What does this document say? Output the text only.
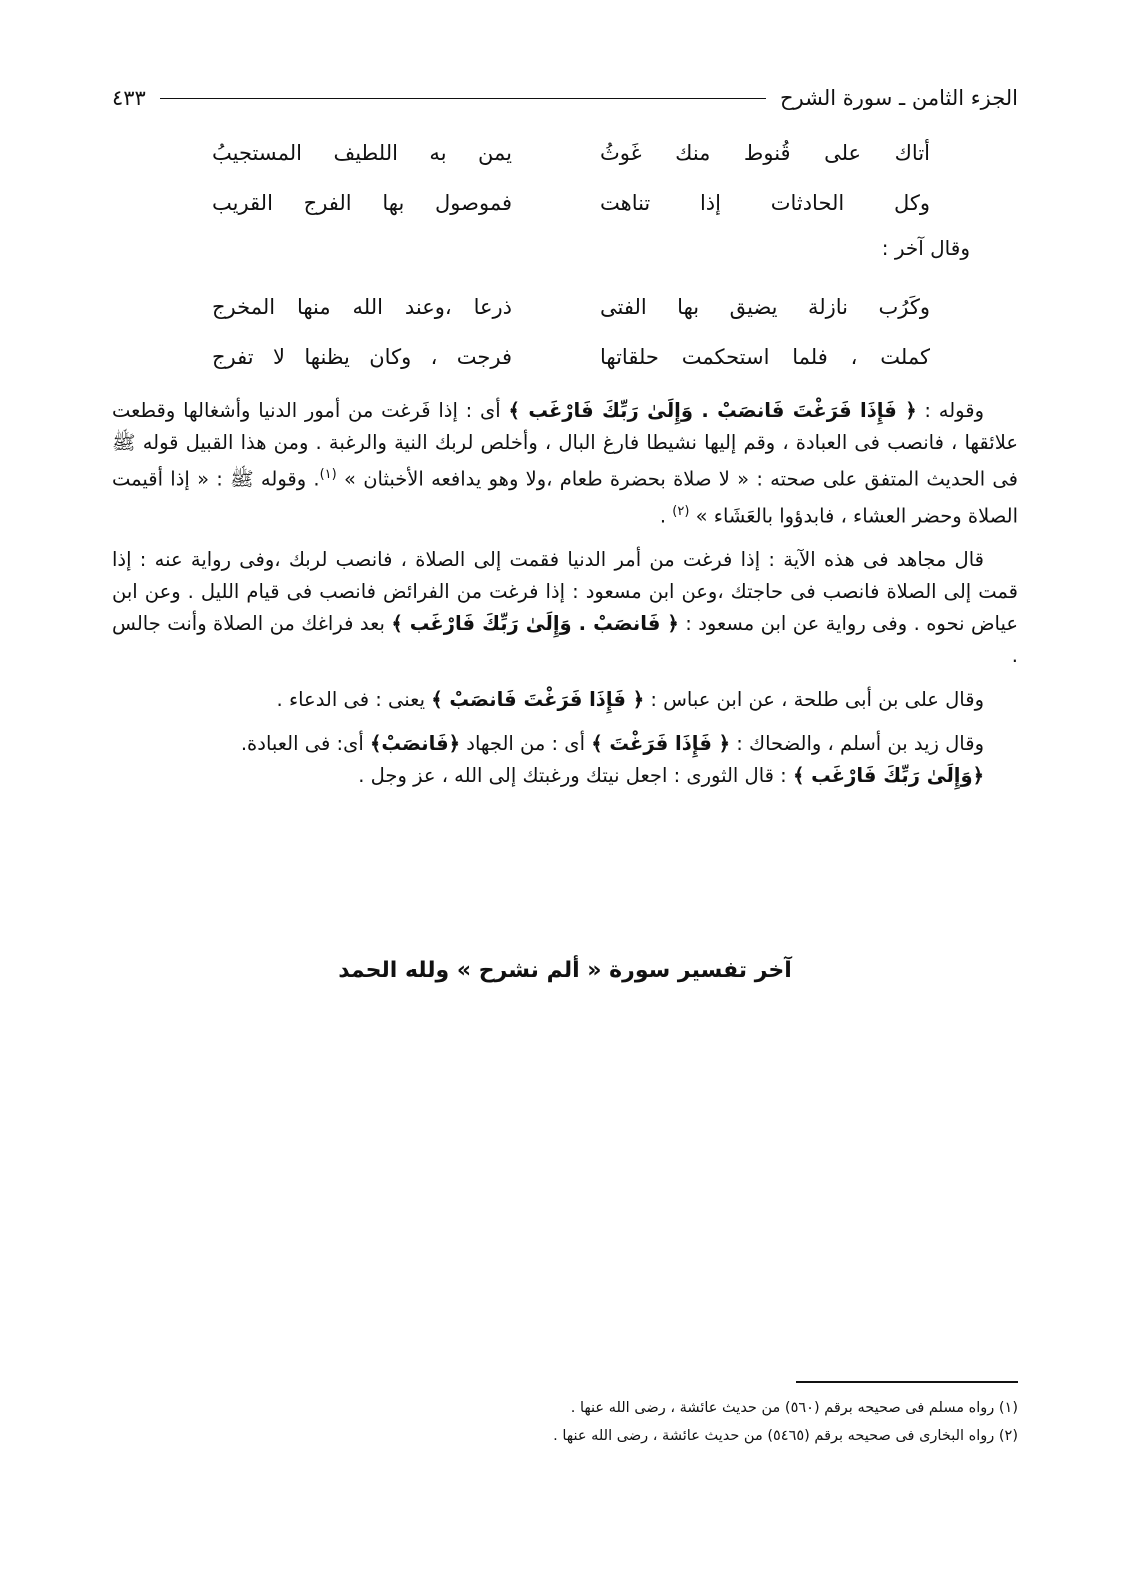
الجزء الثامن ـ سورة الشرح
٤٣٣
أتاك على قُنوط منك غَوثُ
يمن به اللطيف المستجيبُ
وكل الحادثات إذا تناهت
فموصول بها الفرج القريب
وقال آخر :
وكَرُب نازلة يضيق بها الفتى
ذرعا ،وعند الله منها المخرج
كملت ، فلما استحكمت حلقاتها
فرجت ، وكان يظنها لا تفرج

وقوله : ﴿ فَإِذَا فَرَغْتَ فَانصَبْ . وَإِلَىٰ رَبِّكَ فَارْغَب ﴾ أى : إذا فَرغت من أمور الدنيا وأشغالها وقطعت علائقها ، فانصب فى العبادة ، وقم إليها نشيطا فارغ البال ، وأخلص لربك النية والرغبة . ومن هذا القبيل قوله ﷺ فى الحديث المتفق على صحته : « لا صلاة بحضرة طعام ،ولا وهو يدافعه الأخبثان » $^{(١)}$. وقوله ﷺ : « إذا أقيمت الصلاة وحضر العشاء ، فابدؤوا بالعَشَاء » $^{(٢)}$ .

قال مجاهد فى هذه الآية : إذا فرغت من أمر الدنيا فقمت إلى الصلاة ، فانصب لربك ،وفى رواية عنه : إذا قمت إلى الصلاة فانصب فى حاجتك ،وعن ابن مسعود : إذا فرغت من الفرائض فانصب فى قيام الليل . وعن ابن عياض نحوه . وفى رواية عن ابن مسعود : ﴿ فَانصَبْ . وَإِلَىٰ رَبِّكَ فَارْغَب ﴾ بعد فراغك من الصلاة وأنت جالس .

وقال على بن أبى طلحة ، عن ابن عباس : ﴿ فَإِذَا فَرَغْتَ فَانصَبْ ﴾ يعنى : فى الدعاء .

وقال زيد بن أسلم ، والضحاك : ﴿ فَإِذَا فَرَغْتَ ﴾ أى : من الجهاد ﴿فَانصَبْ﴾ أى: فى العبادة.

﴿وَإِلَىٰ رَبِّكَ فَارْغَب ﴾ : قال الثورى : اجعل نيتك ورغبتك إلى الله ، عز وجل .

آخر تفسير سورة « ألم نشرح » ولله الحمد
(١) رواه مسلم فى صحيحه برقم (٥٦٠) من حديث عائشة ، رضى الله عنها .
(٢) رواه البخارى فى صحيحه برقم (٥٤٦٥) من حديث عائشة ، رضى الله عنها .
